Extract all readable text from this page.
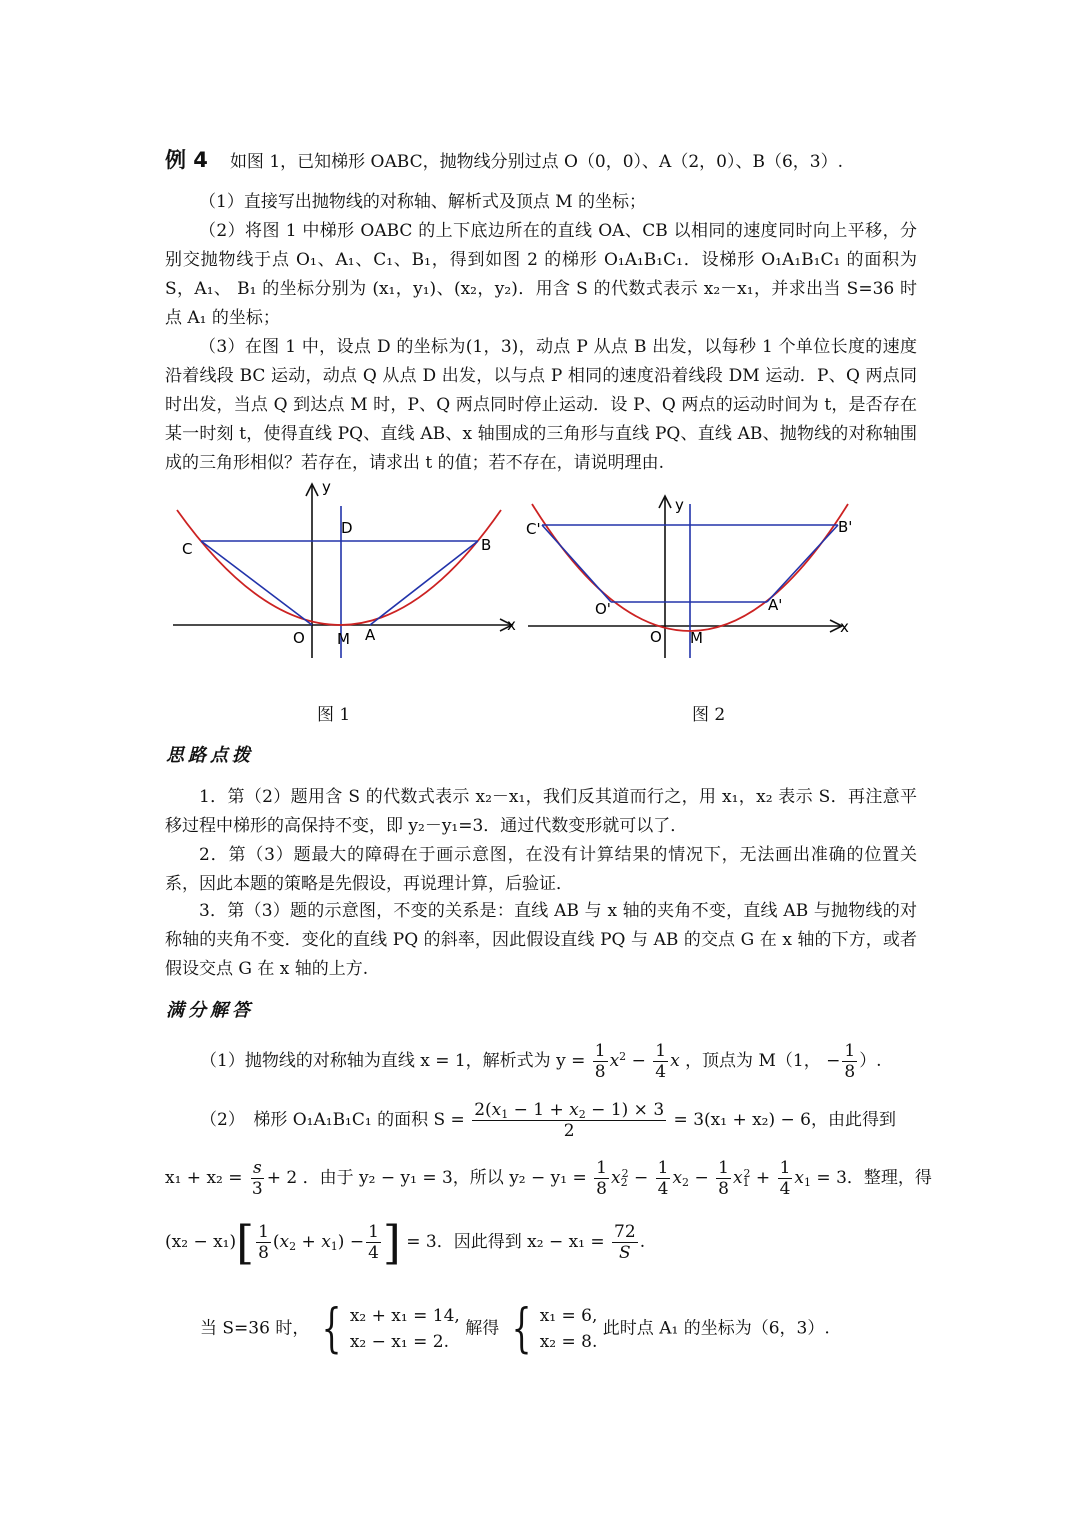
例 4 如图 1，已知梯形 OABC，抛物线分别过点 O（0，0）、A（2，0）、B（6，3）.
（1）直接写出抛物线的对称轴、解析式及顶点 M 的坐标；
（2）将图 1 中梯形 OABC 的上下底边所在的直线 OA、CB 以相同的速度同时向上平移，分别交抛物线于点 O₁、A₁、C₁、B₁，得到如图 2 的梯形 O₁A₁B₁C₁．设梯形 O₁A₁B₁C₁ 的面积为 S，A₁、 B₁ 的坐标分别为 (x₁，y₁)、(x₂，y₂)．用含 S 的代数式表示 x₂－x₁，并求出当 S=36 时点 A₁ 的坐标；
（3）在图 1 中，设点 D 的坐标为(1，3)，动点 P 从点 B 出发，以每秒 1 个单位长度的速度沿着线段 BC 运动，动点 Q 从点 D 出发，以与点 P 相同的速度沿着线段 DM 运动．P、Q 两点同时出发，当点 Q 到达点 M 时，P、Q 两点同时停止运动．设 P、Q 两点的运动时间为 t，是否存在某一时刻 t，使得直线 PQ、直线 AB、x 轴围成的三角形与直线 PQ、直线 AB、抛物线的对称轴围成的三角形相似？若存在，请求出 t 的值；若不存在，请说明理由.
y
x
C	B
D
O M A
y
x
C'	B'
O'	A'
O M
图 1	图 2
思路点拨
1．第（2）题用含 S 的代数式表示 x₂－x₁，我们反其道而行之，用 x₁，x₂ 表示 S．再注意平移过程中梯形的高保持不变，即 y₂－y₁=3．通过代数变形就可以了．
2．第（3）题最大的障碍在于画示意图，在没有计算结果的情况下，无法画出准确的位置关系，因此本题的策略是先假设，再说理计算，后验证．
3．第（3）题的示意图，不变的关系是：直线 AB 与 x 轴的夹角不变，直线 AB 与抛物线的对称轴的夹角不变．变化的直线 PQ 的斜率，因此假设直线 PQ 与 AB 的交点 G 在 x 轴的下方，或者假设交点 G 在 x 轴的上方.
满分解答
（1）抛物线的对称轴为直线 x = 1，解析式为 $y = \frac{1}{8} x^2 - \frac{1}{4}$ x ，顶点为 M（1， − $\frac{1}{8}$ ）.
（2）　梯形 O₁A₁B₁C₁ 的面积 $S = \frac{2(x_1 - 1 + x_2 - 1) \times 3}{2} = 3(x_1 + x_2) - 6$，由此得到
$x_1 + x_2 = \frac{s}{3} + 2$ ．由于 y₂ − y₁ = 3，所以 $y_2 - y_1 = \frac{1}{8} x_2^2 - \frac{1}{4} x_2 - \frac{1}{8} x_1^2 + \frac{1}{4} x_1 = 3$．整理，得
$(x_2 - x_1)[ \frac{1}{8} (x_2 + x_1) - \frac{1}{4}$ ] = 3．因此得到 $x_2 - x_1 = \frac{72}{S}$ .
当 S=36 时， { x₂ + x₁ = 14,
x₂ − x₁ = 2.
解得 { x₁ = 6,
x₂ = 8.
此时点 A₁ 的坐标为（6，3）.
